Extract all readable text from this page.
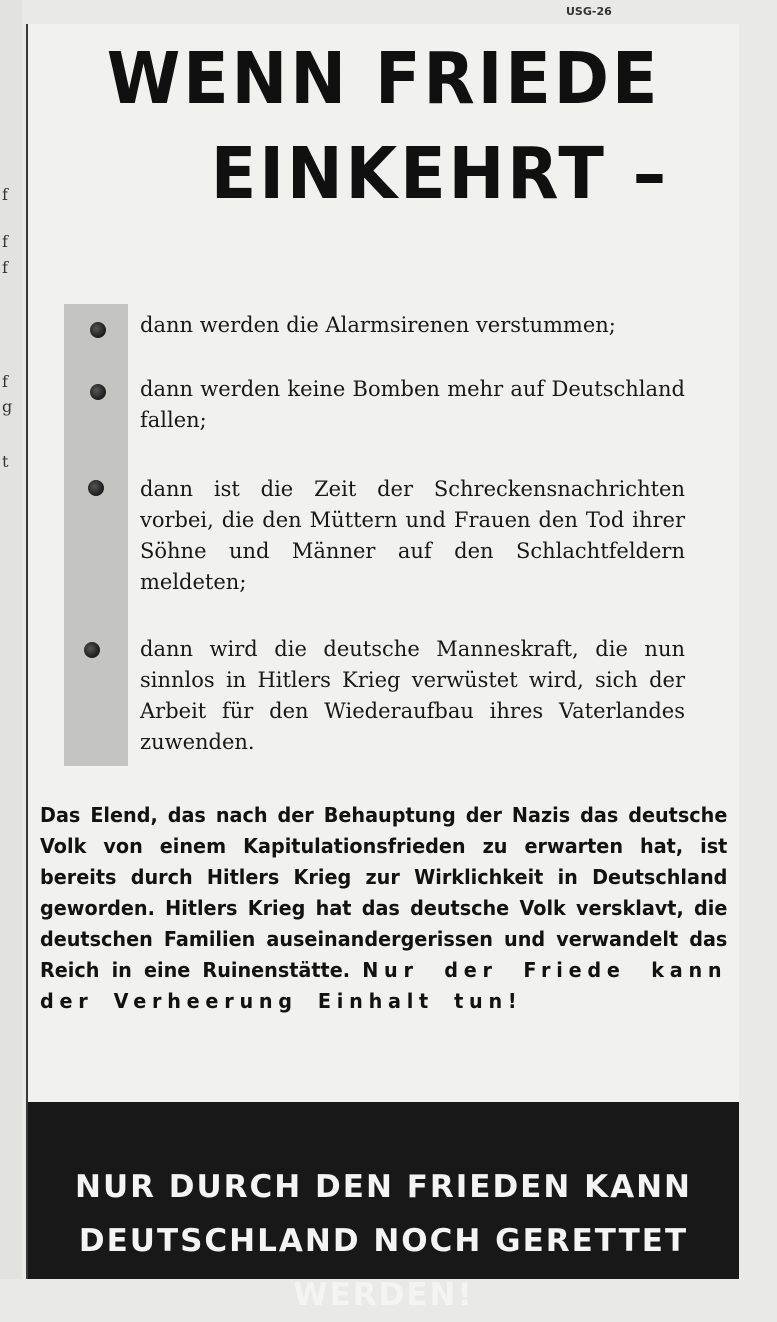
f
f
f
f
g
t
USG-26
WENN FRIEDE
EINKEHRT –
dann werden die Alarmsirenen verstummen;
dann werden keine Bomben mehr auf Deutschland fallen;
dann ist die Zeit der Schreckensnachrichten vorbei, die den Müttern und Frauen den Tod ihrer Söhne und Männer auf den Schlachtfeldern meldeten;
dann wird die deutsche Manneskraft, die nun sinnlos in Hitlers Krieg verwüstet wird, sich der Arbeit für den Wiederaufbau ihres Vaterlandes zuwenden.
Das Elend, das nach der Behauptung der Nazis das deutsche Volk von einem Kapitulationsfrieden zu erwarten hat, ist bereits durch Hitlers Krieg zur Wirklichkeit in Deutschland geworden. Hitlers Krieg hat das deutsche Volk versklavt, die deutschen Familien auseinandergerissen und verwandelt das Reich in eine Ruinenstätte. Nur der Friede kann der Verheerung Einhalt tun!
NUR DURCH DEN FRIEDEN KANN
DEUTSCHLAND NOCH GERETTET WERDEN!
